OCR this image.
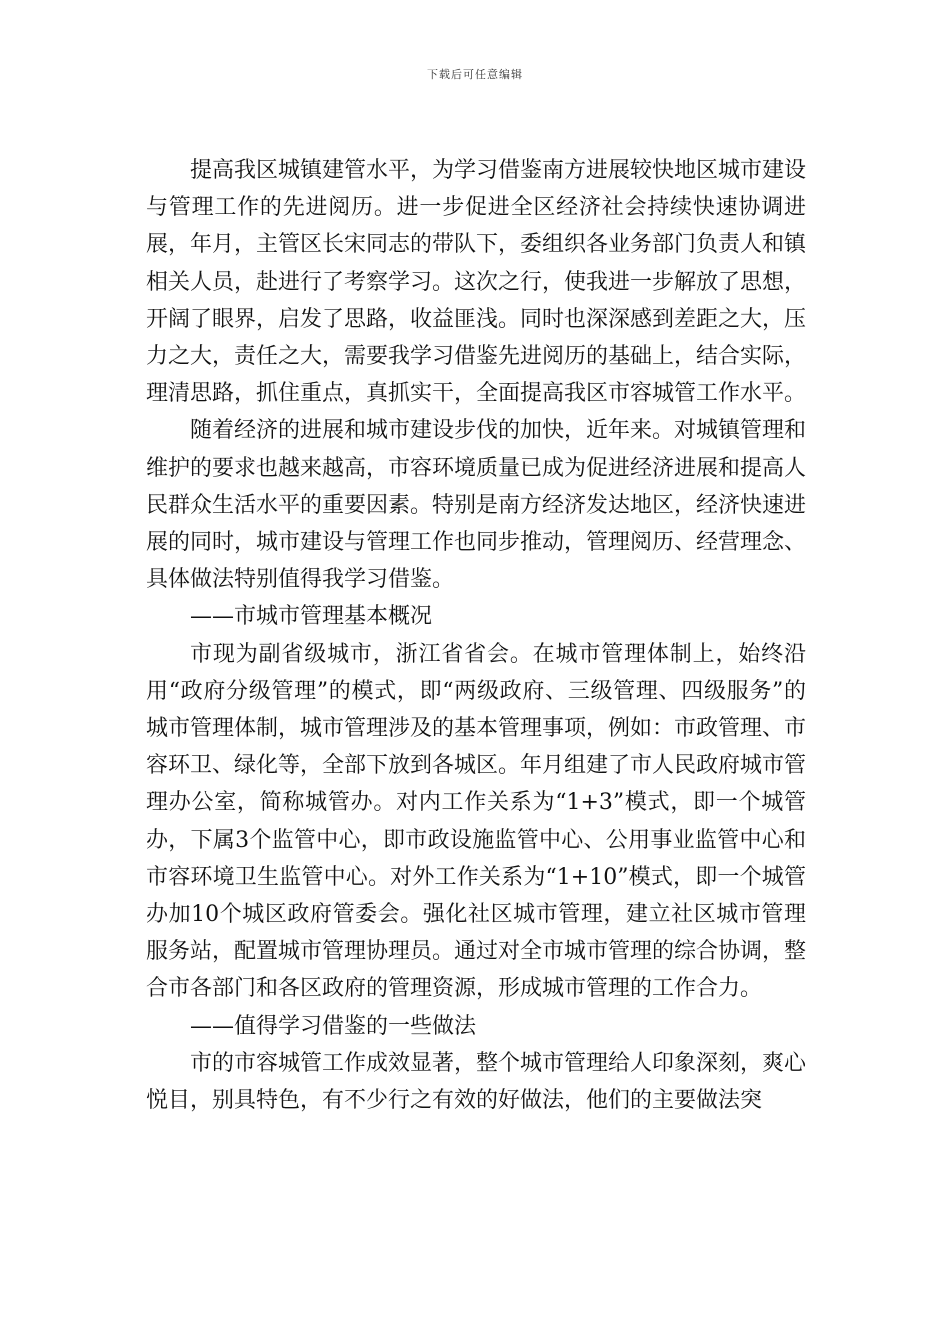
下载后可任意编辑

提高我区城镇建管水平，为学习借鉴南方进展较快地区城市建设与管理工作的先进阅历。进一步促进全区经济社会持续快速协调进展，年月，主管区长宋同志的带队下，委组织各业务部门负责人和镇相关人员，赴进行了考察学习。这次之行，使我进一步解放了思想，开阔了眼界，启发了思路，收益匪浅。同时也深深感到差距之大，压力之大，责任之大，需要我学习借鉴先进阅历的基础上，结合实际，理清思路，抓住重点，真抓实干，全面提高我区市容城管工作水平。

随着经济的进展和城市建设步伐的加快，近年来。对城镇管理和维护的要求也越来越高，市容环境质量已成为促进经济进展和提高人民群众生活水平的重要因素。特别是南方经济发达地区，经济快速进展的同时，城市建设与管理工作也同步推动，管理阅历、经营理念、具体做法特别值得我学习借鉴。

——市城市管理基本概况

市现为副省级城市，浙江省省会。在城市管理体制上，始终沿用“政府分级管理”的模式，即“两级政府、三级管理、四级服务”的城市管理体制，城市管理涉及的基本管理事项，例如：市政管理、市容环卫、绿化等，全部下放到各城区。年月组建了市人民政府城市管理办公室，简称城管办。对内工作关系为“1+3”模式，即一个城管办，下属3个监管中心，即市政设施监管中心、公用事业监管中心和市容环境卫生监管中心。对外工作关系为“1+10”模式，即一个城管办加10个城区政府管委会。强化社区城市管理，建立社区城市管理服务站，配置城市管理协理员。通过对全市城市管理的综合协调，整合市各部门和各区政府的管理资源，形成城市管理的工作合力。

——值得学习借鉴的一些做法

市的市容城管工作成效显著，整个城市管理给人印象深刻，爽心悦目，别具特色，有不少行之有效的好做法，他们的主要做法突
